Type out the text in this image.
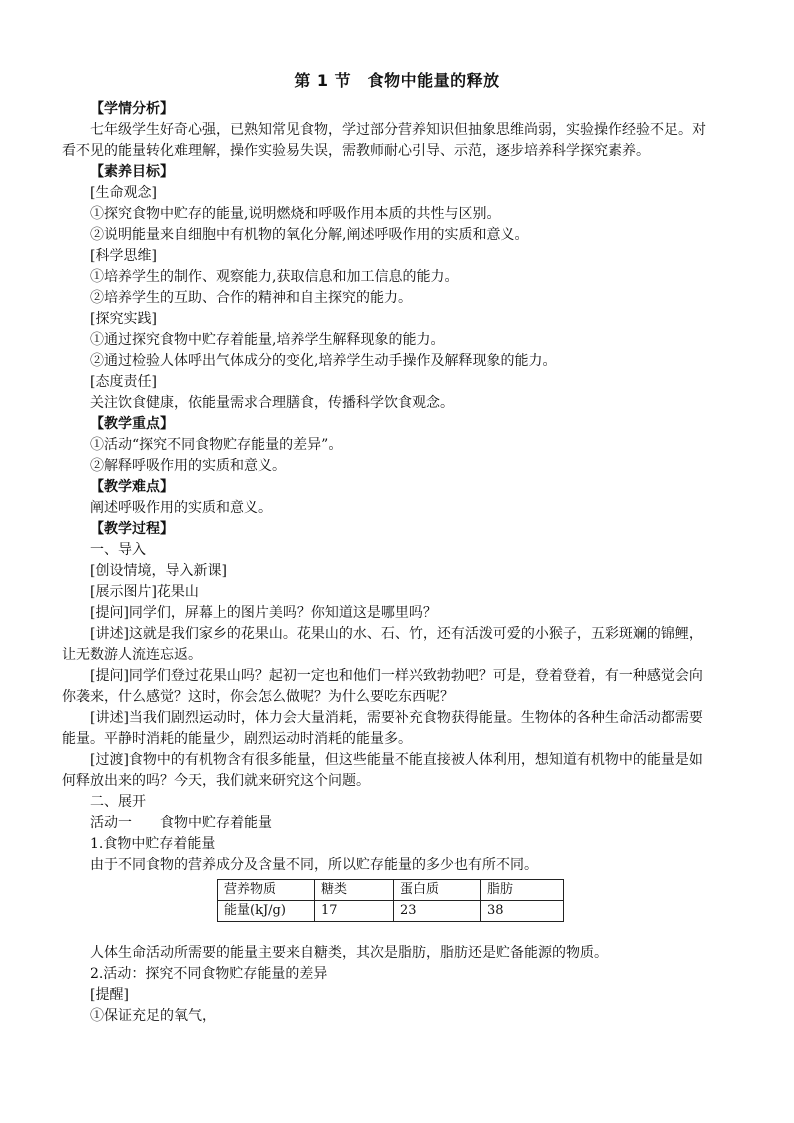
第 1 节　食物中能量的释放

【学情分析】

七年级学生好奇心强，已熟知常见食物，学过部分营养知识但抽象思维尚弱，实验操作经验不足。对看不见的能量转化难理解，操作实验易失误，需教师耐心引导、示范，逐步培养科学探究素养。

【素养目标】

[生命观念]

①探究食物中贮存的能量,说明燃烧和呼吸作用本质的共性与区别。

②说明能量来自细胞中有机物的氧化分解,阐述呼吸作用的实质和意义。

[科学思维]

①培养学生的制作、观察能力,获取信息和加工信息的能力。

②培养学生的互助、合作的精神和自主探究的能力。

[探究实践]

①通过探究食物中贮存着能量,培养学生解释现象的能力。

②通过检验人体呼出气体成分的变化,培养学生动手操作及解释现象的能力。

[态度责任]

关注饮食健康，依能量需求合理膳食，传播科学饮食观念。

【教学重点】

①活动“探究不同食物贮存能量的差异”。

②解释呼吸作用的实质和意义。

【教学难点】

阐述呼吸作用的实质和意义。

【教学过程】

一、导入

[创设情境，导入新课]

[展示图片]花果山

[提问]同学们，屏幕上的图片美吗？你知道这是哪里吗？

[讲述]这就是我们家乡的花果山。花果山的水、石、竹，还有活泼可爱的小猴子，五彩斑斓的锦鲤，让无数游人流连忘返。

[提问]同学们登过花果山吗？起初一定也和他们一样兴致勃勃吧？可是，登着登着，有一种感觉会向你袭来，什么感觉？这时，你会怎么做呢？为什么要吃东西呢？

[讲述]当我们剧烈运动时，体力会大量消耗，需要补充食物获得能量。生物体的各种生命活动都需要能量。平静时消耗的能量少，剧烈运动时消耗的能量多。

[过渡]食物中的有机物含有很多能量，但这些能量不能直接被人体利用，想知道有机物中的能量是如何释放出来的吗？今天，我们就来研究这个问题。

二、展开

活动一　　食物中贮存着能量

1.食物中贮存着能量

由于不同食物的营养成分及含量不同，所以贮存能量的多少也有所不同。

营养物质	糖类	蛋白质	脂肪
能量(kJ/g)	17	23	38

人体生命活动所需要的能量主要来自糖类，其次是脂肪，脂肪还是贮备能源的物质。

2.活动：探究不同食物贮存能量的差异

[提醒]

①保证充足的氧气，
